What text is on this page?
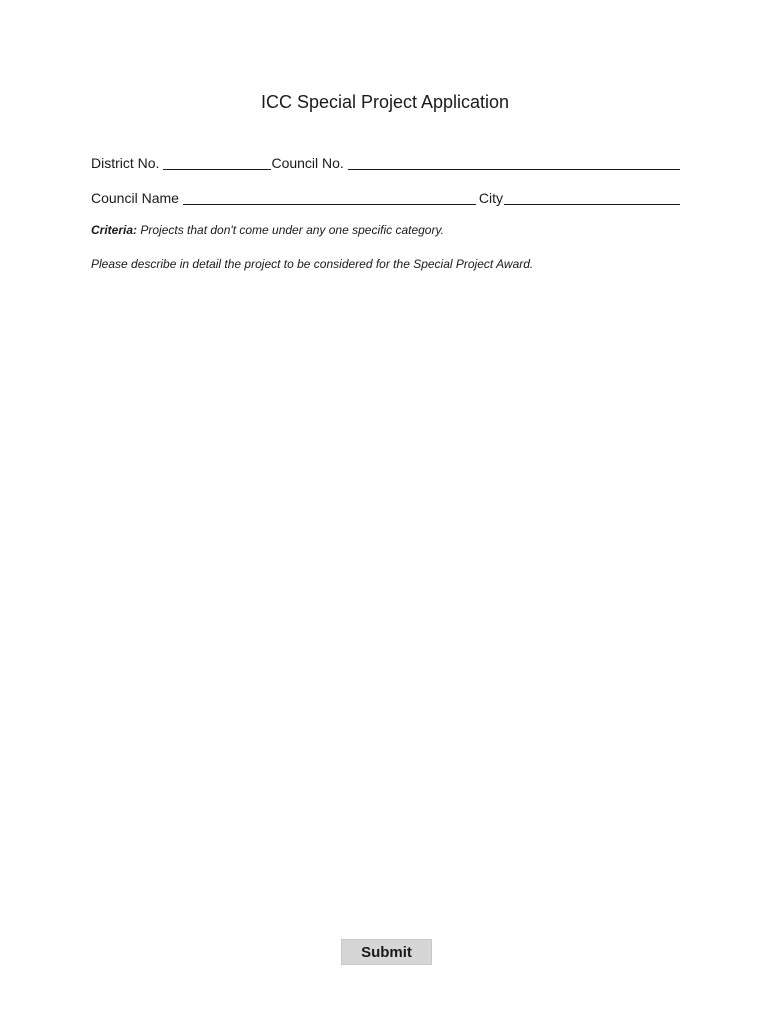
ICC Special Project Application
District No.	Council No.
Council Name	City

Criteria: Projects that don't come under any one specific category.

Please describe in detail the project to be considered for the Special Project Award.

Submit
